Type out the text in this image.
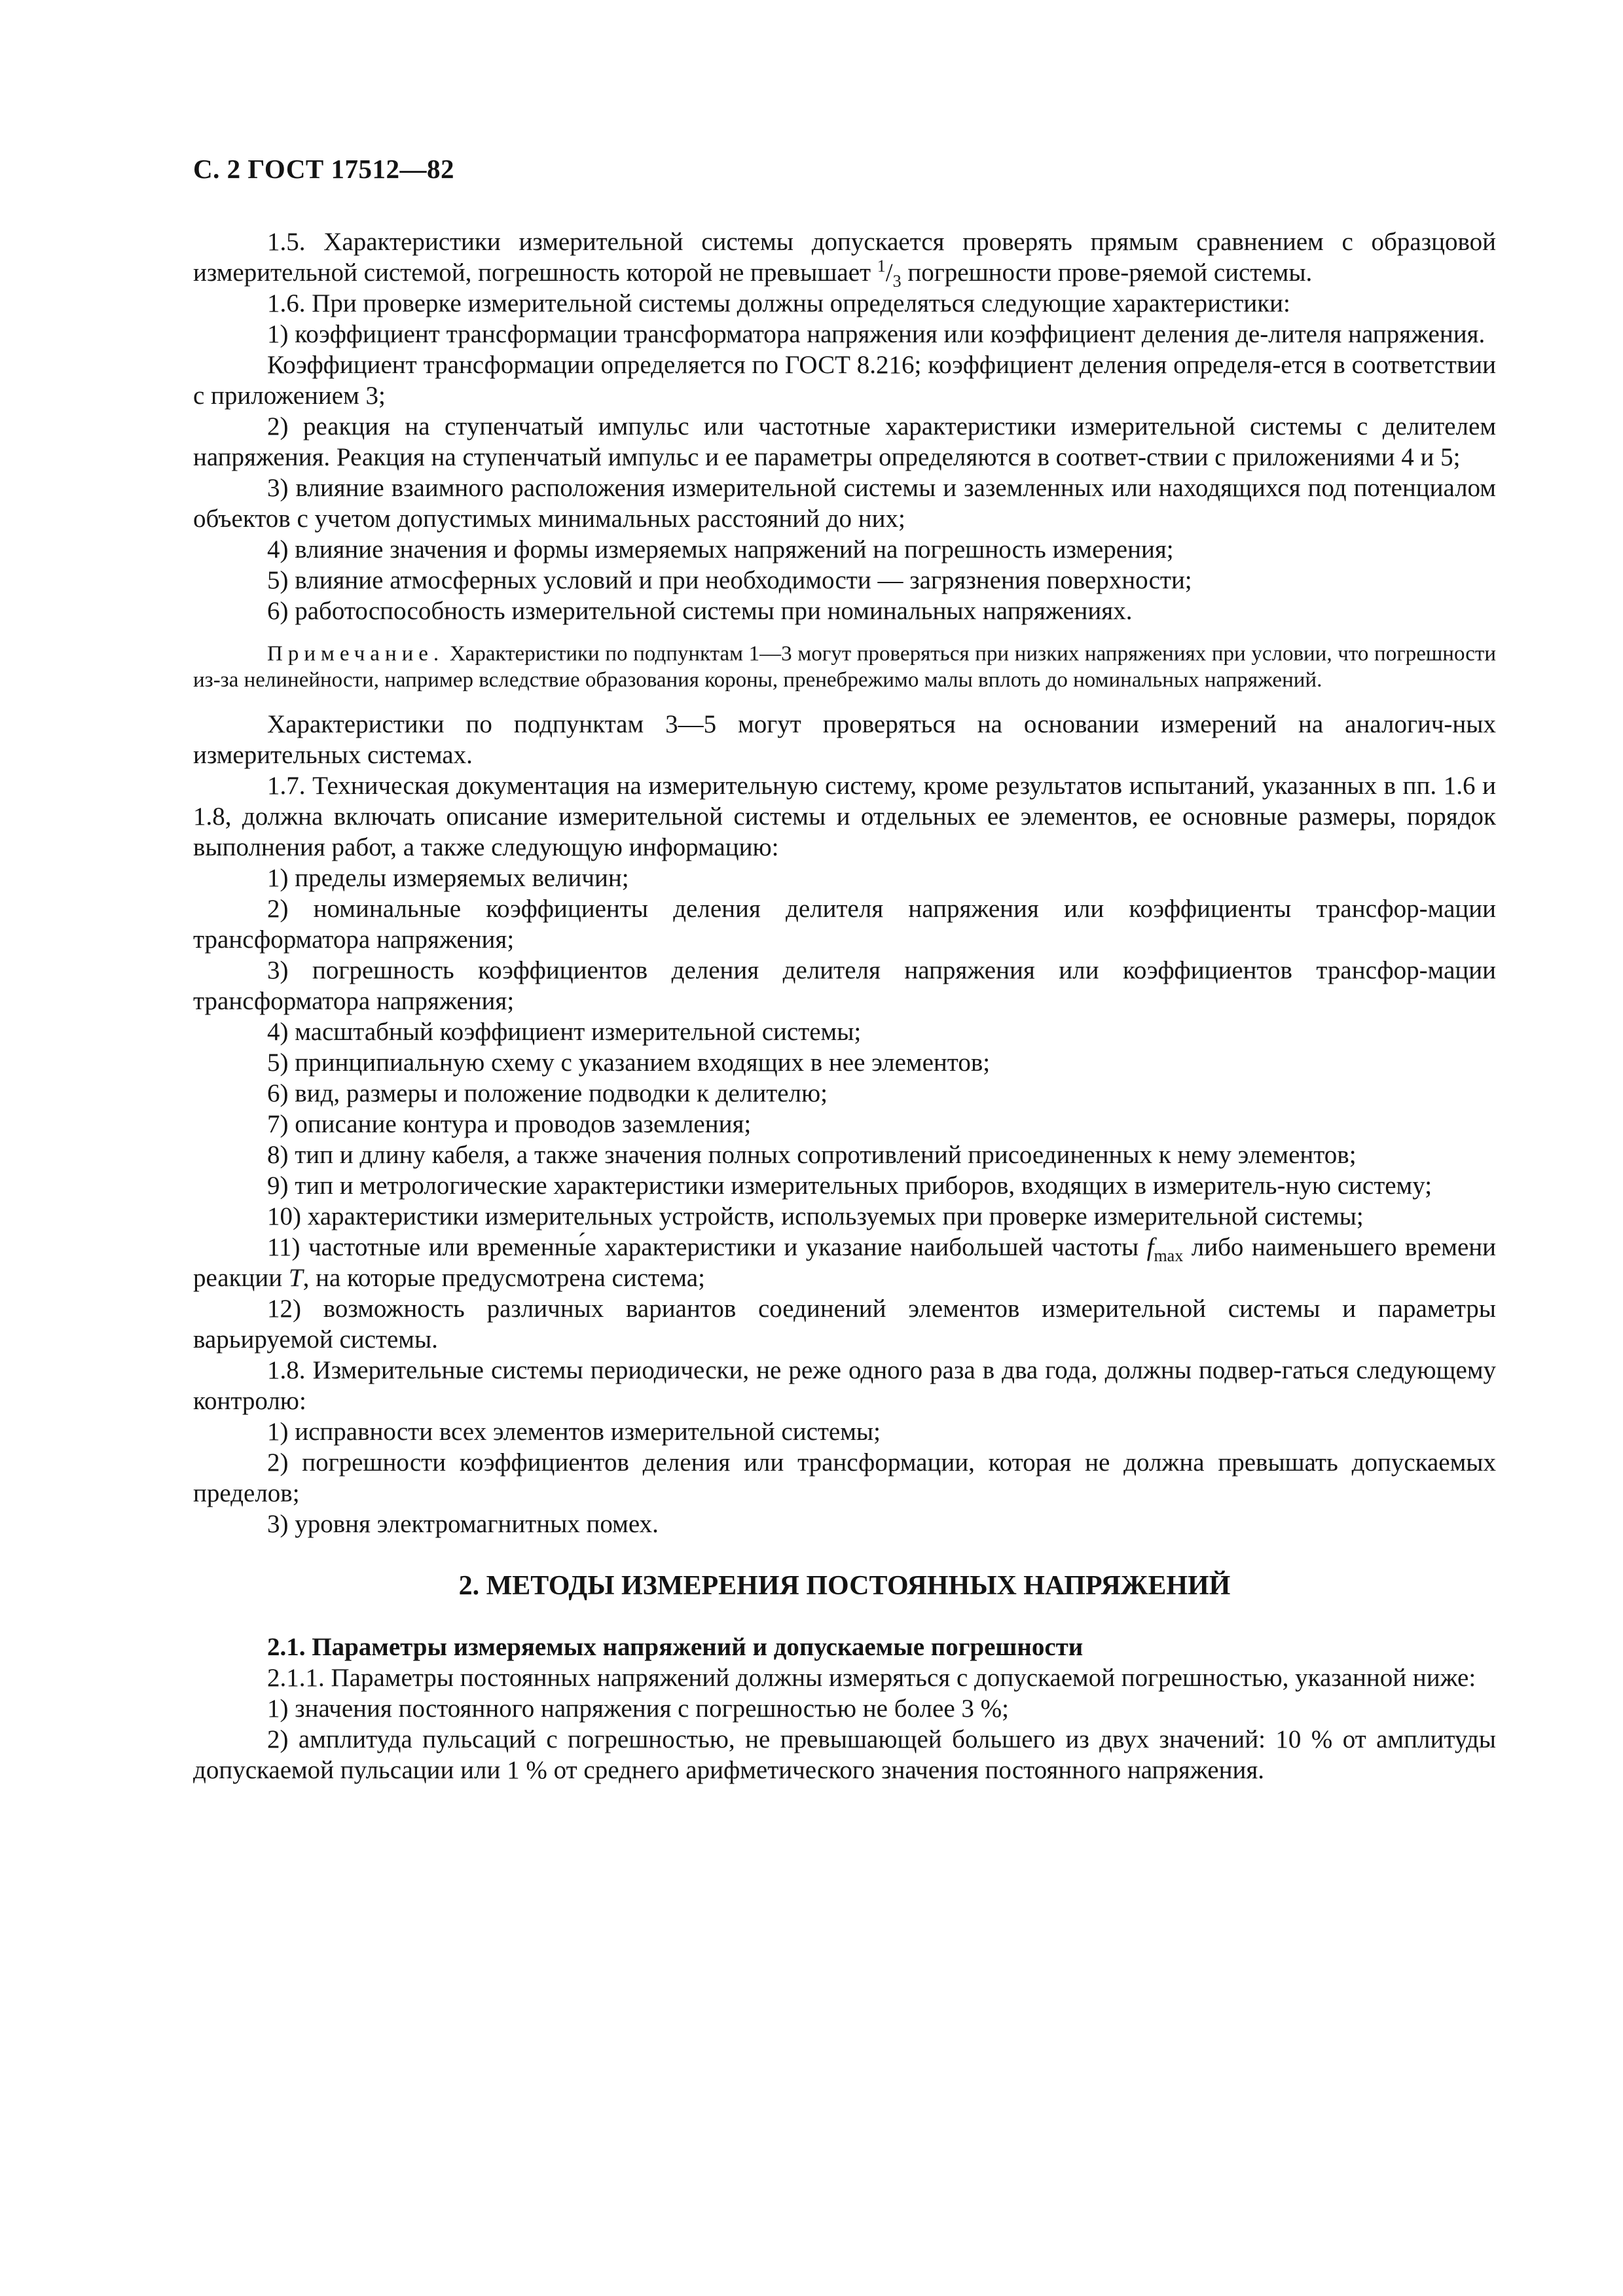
С. 2 ГОСТ 17512—82

1.5. Характеристики измерительной системы допускается проверять прямым сравнением с образцовой измерительной системой, погрешность которой не превышает $^1/_3$ погрешности прове-ряемой системы.

1.6. При проверке измерительной системы должны определяться следующие характеристики:

1) коэффициент трансформации трансформатора напряжения или коэффициент деления де-лителя напряжения.

Коэффициент трансформации определяется по ГОСТ 8.216; коэффициент деления определя-ется в соответствии с приложением 3;

2) реакция на ступенчатый импульс или частотные характеристики измерительной системы с делителем напряжения. Реакция на ступенчатый импульс и ее параметры определяются в соответ-ствии с приложениями 4 и 5;

3) влияние взаимного расположения измерительной системы и заземленных или находящихся под потенциалом объектов с учетом допустимых минимальных расстояний до них;

4) влияние значения и формы измеряемых напряжений на погрешность измерения;

5) влияние атмосферных условий и при необходимости — загрязнения поверхности;

6) работоспособность измерительной системы при номинальных напряжениях.

Примечание. Характеристики по подпунктам 1—3 могут проверяться при низких напряжениях при условии, что погрешности из-за нелинейности, например вследствие образования короны, пренебрежимо малы вплоть до номинальных напряжений.

Характеристики по подпунктам 3—5 могут проверяться на основании измерений на аналогич-ных измерительных системах.

1.7. Техническая документация на измерительную систему, кроме результатов испытаний, указанных в пп. 1.6 и 1.8, должна включать описание измерительной системы и отдельных ее элементов, ее основные размеры, порядок выполнения работ, а также следующую информацию:

1) пределы измеряемых величин;

2) номинальные коэффициенты деления делителя напряжения или коэффициенты трансфор-мации трансформатора напряжения;

3) погрешность коэффициентов деления делителя напряжения или коэффициентов трансфор-мации трансформатора напряжения;

4) масштабный коэффициент измерительной системы;

5) принципиальную схему с указанием входящих в нее элементов;

6) вид, размеры и положение подводки к делителю;

7) описание контура и проводов заземления;

8) тип и длину кабеля, а также значения полных сопротивлений присоединенных к нему элементов;

9) тип и метрологические характеристики измерительных приборов, входящих в измеритель-ную систему;

10) характеристики измерительных устройств, используемых при проверке измерительной системы;

11) частотные или временны́е характеристики и указание наибольшей частоты $f_{max}$ либо наименьшего времени реакции T, на которые предусмотрена система;

12) возможность различных вариантов соединений элементов измерительной системы и параметры варьируемой системы.

1.8. Измерительные системы периодически, не реже одного раза в два года, должны подвер-гаться следующему контролю:

1) исправности всех элементов измерительной системы;

2) погрешности коэффициентов деления или трансформации, которая не должна превышать допускаемых пределов;

3) уровня электромагнитных помех.

2. МЕТОДЫ ИЗМЕРЕНИЯ ПОСТОЯННЫХ НАПРЯЖЕНИЙ

2.1. Параметры измеряемых напряжений и допускаемые погрешности

2.1.1. Параметры постоянных напряжений должны измеряться с допускаемой погрешностью, указанной ниже:

1) значения постоянного напряжения с погрешностью не более 3 %;

2) амплитуда пульсаций с погрешностью, не превышающей большего из двух значений: 10 % от амплитуды допускаемой пульсации или 1 % от среднего арифметического значения постоянного напряжения.
